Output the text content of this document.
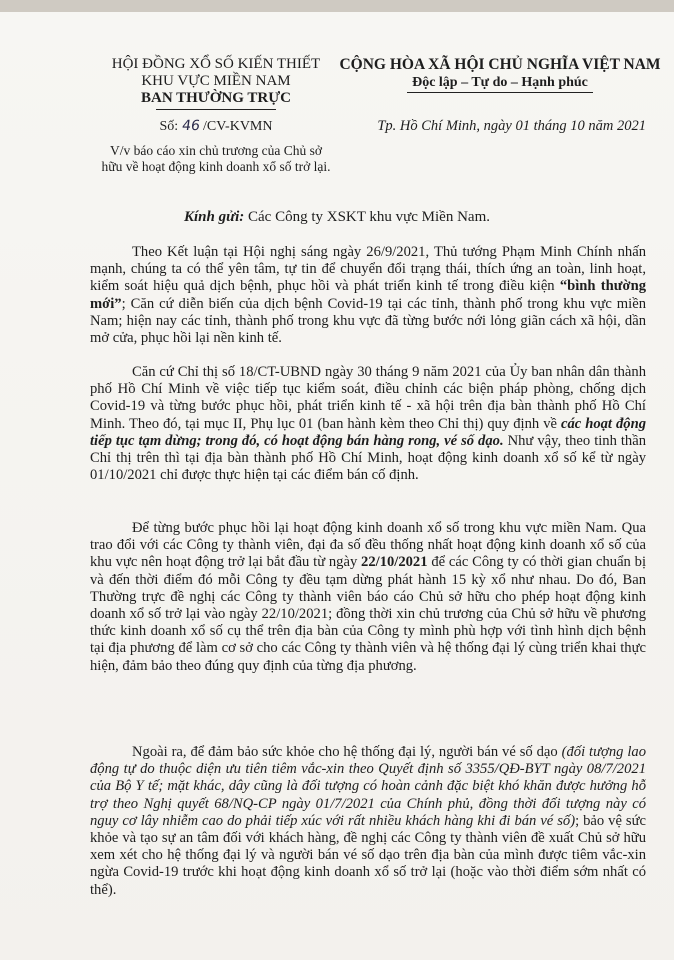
HỘI ĐỒNG XỔ SỐ KIẾN THIẾT
KHU VỰC MIỀN NAM
BAN THƯỜNG TRỰC
CỘNG HÒA XÃ HỘI CHỦ NGHĨA VIỆT NAM
Độc lập – Tự do – Hạnh phúc
Số: 46 /CV-KVMN	Tp. Hồ Chí Minh, ngày 01 tháng 10 năm 2021
V/v báo cáo xin chủ trương của Chủ sở
hữu về hoạt động kinh doanh xổ số trở lại.
Kính gửi: Các Công ty XSKT khu vực Miền Nam.

Theo Kết luận tại Hội nghị sáng ngày 26/9/2021, Thủ tướng Phạm Minh Chính nhấn mạnh, chúng ta có thể yên tâm, tự tin để chuyển đổi trạng thái, thích ứng an toàn, linh hoạt, kiểm soát hiệu quả dịch bệnh, phục hồi và phát triển kinh tế trong điều kiện “bình thường mới”; Căn cứ diễn biến của dịch bệnh Covid-19 tại các tỉnh, thành phố trong khu vực miền Nam; hiện nay các tỉnh, thành phố trong khu vực đã từng bước nới lỏng giãn cách xã hội, dần mở cửa, phục hồi lại nền kinh tế.

Căn cứ Chỉ thị số 18/CT-UBND ngày 30 tháng 9 năm 2021 của Ủy ban nhân dân thành phố Hồ Chí Minh về việc tiếp tục kiểm soát, điều chỉnh các biện pháp phòng, chống dịch Covid-19 và từng bước phục hồi, phát triển kinh tế - xã hội trên địa bàn thành phố Hồ Chí Minh. Theo đó, tại mục II, Phụ lục 01 (ban hành kèm theo Chỉ thị) quy định về các hoạt động tiếp tục tạm dừng; trong đó, có hoạt động bán hàng rong, vé số dạo. Như vậy, theo tinh thần Chỉ thị trên thì tại địa bàn thành phố Hồ Chí Minh, hoạt động kinh doanh xổ số kể từ ngày 01/10/2021 chỉ được thực hiện tại các điểm bán cố định.

Để từng bước phục hồi lại hoạt động kinh doanh xổ số trong khu vực miền Nam. Qua trao đổi với các Công ty thành viên, đại đa số đều thống nhất hoạt động kinh doanh xổ số của khu vực nên hoạt động trở lại bắt đầu từ ngày 22/10/2021 để các Công ty có thời gian chuẩn bị và đến thời điểm đó mỗi Công ty đều tạm dừng phát hành 15 kỳ xổ như nhau. Do đó, Ban Thường trực đề nghị các Công ty thành viên báo cáo Chủ sở hữu cho phép hoạt động kinh doanh xổ số trở lại vào ngày 22/10/2021; đồng thời xin chủ trương của Chủ sở hữu về phương thức kinh doanh xổ số cụ thể trên địa bàn của Công ty mình phù hợp với tình hình dịch bệnh tại địa phương để làm cơ sở cho các Công ty thành viên và hệ thống đại lý cùng triển khai thực hiện, đảm bảo theo đúng quy định của từng địa phương.

Ngoài ra, để đảm bảo sức khỏe cho hệ thống đại lý, người bán vé số dạo (đối tượng lao động tự do thuộc diện ưu tiên tiêm vắc-xin theo Quyết định số 3355/QĐ-BYT ngày 08/7/2021 của Bộ Y tế; mặt khác, dây cũng là đối tượng có hoàn cảnh đặc biệt khó khăn được hưởng hỗ trợ theo Nghị quyết 68/NQ-CP ngày 01/7/2021 của Chính phủ, đồng thời đối tượng này có nguy cơ lây nhiễm cao do phải tiếp xúc với rất nhiều khách hàng khi đi bán vé số); bảo vệ sức khỏe và tạo sự an tâm đối với khách hàng, đề nghị các Công ty thành viên đề xuất Chủ sở hữu xem xét cho hệ thống đại lý và người bán vé số dạo trên địa bàn của mình được tiêm vắc-xin ngừa Covid-19 trước khi hoạt động kinh doanh xổ số trở lại (hoặc vào thời điểm sớm nhất có thể).
